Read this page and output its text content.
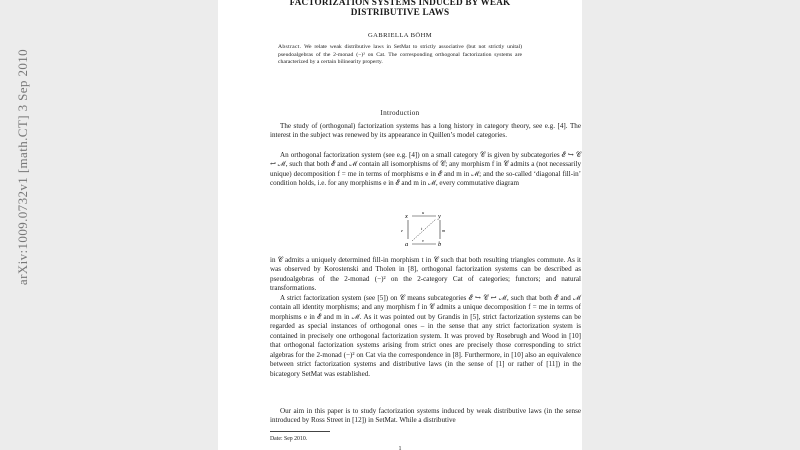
arXiv:1009.0732v1 [math.CT] 3 Sep 2010
FACTORIZATION SYSTEMS INDUCED BY WEAK
DISTRIBUTIVE LAWS
GABRIELLA BÖHM
Abstract. We relate weak distributive laws in SetMat to strictly associative (but not strictly unital) pseudoalgebras of the 2-monad (−)² on Cat. The corresponding orthogonal factorization systems are characterized by a certain bilinearity property.
Introduction
The study of (orthogonal) factorization systems has a long history in category theory, see e.g. [4]. The interest in the subject was renewed by its appearance in Quillen’s model categories.
An orthogonal factorization system (see e.g. [4]) on a small category 𝒞 is given by subcategories ℰ ↪ 𝒞 ↩ ℳ, such that both ℰ and ℳ contain all isomorphisms of 𝒞; any morphism f in 𝒞 admits a (not necessarily unique) decomposition f = me in terms of morphisms e in ℰ and m in ℳ; and the so-called ‘diagonal fill-in’ condition holds, i.e. for any morphisms e in ℰ and m in ℳ, every commutative diagram
x	y
a	b
u
e	m
v
t
in 𝒞 admits a uniquely determined fill-in morphism t in 𝒞 such that both resulting triangles commute. As it was observed by Korostenski and Tholen in [8], orthogonal factorization systems can be described as pseudoalgebras of the 2-monad (−)² on the 2-category Cat of categories; functors; and natural transformations.
A strict factorization system (see [5]) on 𝒞 means subcategories ℰ ↪ 𝒞 ↩ ℳ, such that both ℰ and ℳ contain all identity morphisms; and any morphism f in 𝒞 admits a unique decomposition f = me in terms of morphisms e in ℰ and m in ℳ. As it was pointed out by Grandis in [5], strict factorization systems can be regarded as special instances of orthogonal ones – in the sense that any strict factorization system is contained in precisely one orthogonal factorization system. It was proved by Rosebrugh and Wood in [10] that orthogonal factorization systems arising from strict ones are precisely those corresponding to strict algebras for the 2-monad (−)² on Cat via the correspondence in [8]. Furthermore, in [10] also an equivalence between strict factorization systems and distributive laws (in the sense of [1] or rather of [11]) in the bicategory SetMat was established.
Our aim in this paper is to study factorization systems induced by weak distributive laws (in the sense introduced by Ross Street in [12]) in SetMat. While a distributive
Date: Sep 2010.
1
